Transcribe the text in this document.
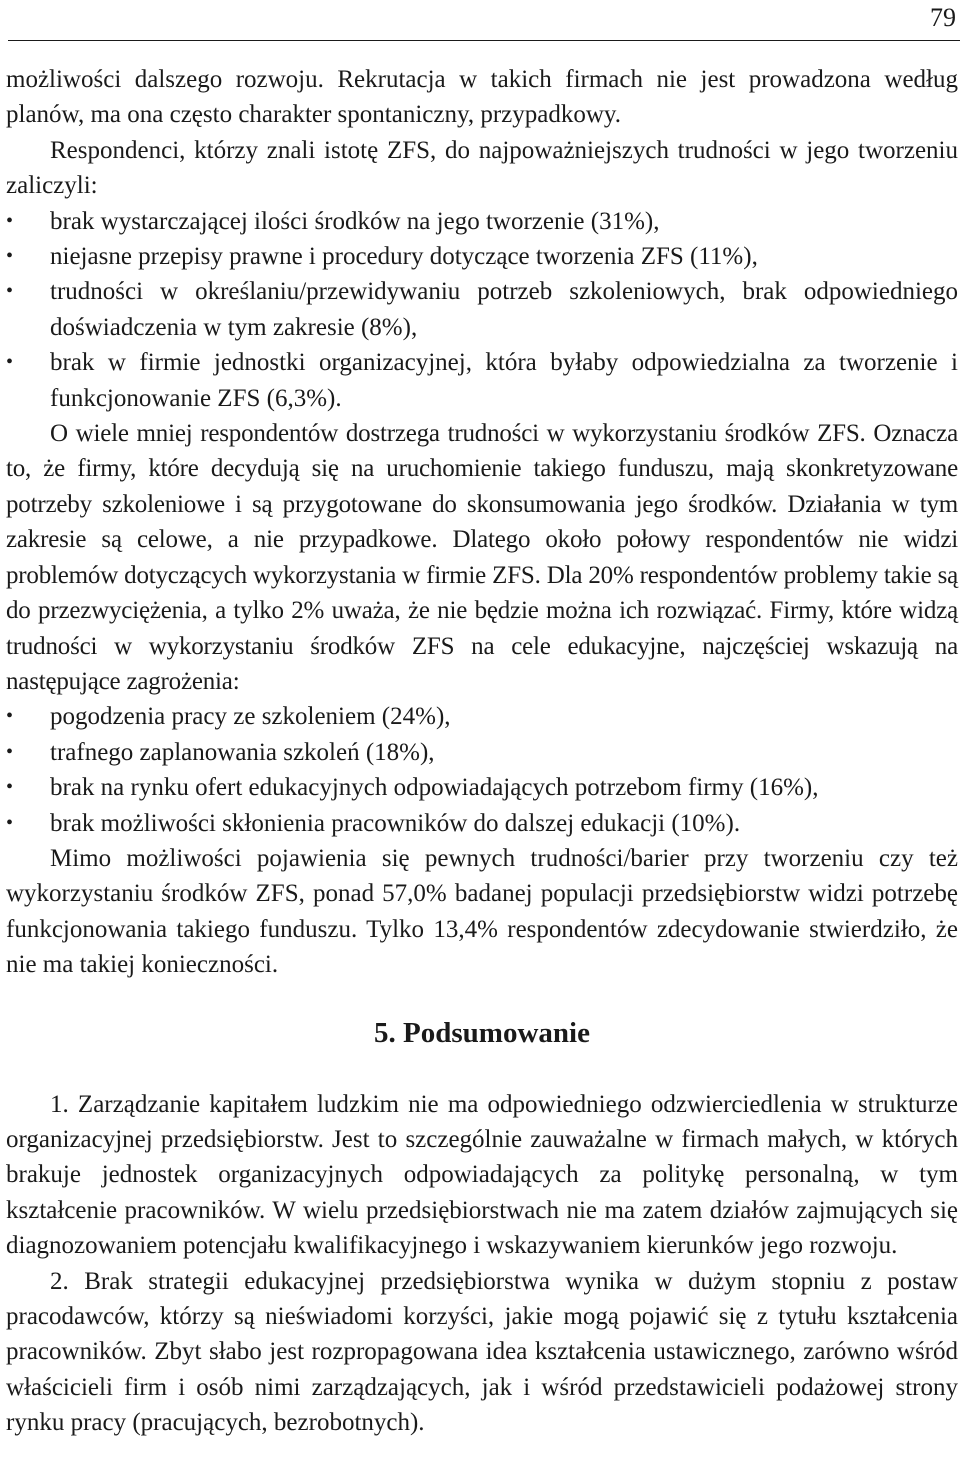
79

możliwości dalszego rozwoju. Rekrutacja w takich firmach nie jest prowadzona według planów, ma ona często charakter spontaniczny, przypadkowy.

Respondenci, którzy znali istotę ZFS, do najpoważniejszych trudności w jego tworzeniu zaliczyli:

• brak wystarczającej ilości środków na jego tworzenie (31%),
• niejasne przepisy prawne i procedury dotyczące tworzenia ZFS (11%),
• trudności w określaniu/przewidywaniu potrzeb szkoleniowych, brak odpowiedniego doświadczenia w tym zakresie (8%),
• brak w firmie jednostki organizacyjnej, która byłaby odpowiedzialna za tworzenie i funkcjonowanie ZFS (6,3%).

O wiele mniej respondentów dostrzega trudności w wykorzystaniu środków ZFS. Oznacza to, że firmy, które decydują się na uruchomienie takiego funduszu, mają skonkretyzowane potrzeby szkoleniowe i są przygotowane do skonsumowania jego środków. Działania w tym zakresie są celowe, a nie przypadkowe. Dlatego około połowy respondentów nie widzi problemów dotyczących wykorzystania w firmie ZFS. Dla 20% respondentów problemy takie są do przezwyciężenia, a tylko 2% uważa, że nie będzie można ich rozwiązać. Firmy, które widzą trudności w wykorzystaniu środków ZFS na cele edukacyjne, najczęściej wskazują na następujące zagrożenia:

• pogodzenia pracy ze szkoleniem (24%),
• trafnego zaplanowania szkoleń (18%),
• brak na rynku ofert edukacyjnych odpowiadających potrzebom firmy (16%),
• brak możliwości skłonienia pracowników do dalszej edukacji (10%).

Mimo możliwości pojawienia się pewnych trudności/barier przy tworzeniu czy też wykorzystaniu środków ZFS, ponad 57,0% badanej populacji przedsiębiorstw widzi potrzebę funkcjonowania takiego funduszu. Tylko 13,4% respondentów zdecydowanie stwierdziło, że nie ma takiej konieczności.

5. Podsumowanie

1. Zarządzanie kapitałem ludzkim nie ma odpowiedniego odzwierciedlenia w strukturze organizacyjnej przedsiębiorstw. Jest to szczególnie zauważalne w firmach małych, w których brakuje jednostek organizacyjnych odpowiadających za politykę personalną, w tym kształcenie pracowników. W wielu przedsiębiorstwach nie ma zatem działów zajmujących się diagnozowaniem potencjału kwalifikacyjnego i wskazywaniem kierunków jego rozwoju.

2. Brak strategii edukacyjnej przedsiębiorstwa wynika w dużym stopniu z postaw pracodawców, którzy są nieświadomi korzyści, jakie mogą pojawić się z tytułu kształcenia pracowników. Zbyt słabo jest rozpropagowana idea kształcenia ustawicznego, zarówno wśród właścicieli firm i osób nimi zarządzających, jak i wśród przedstawicieli podażowej strony rynku pracy (pracujących, bezrobotnych).
